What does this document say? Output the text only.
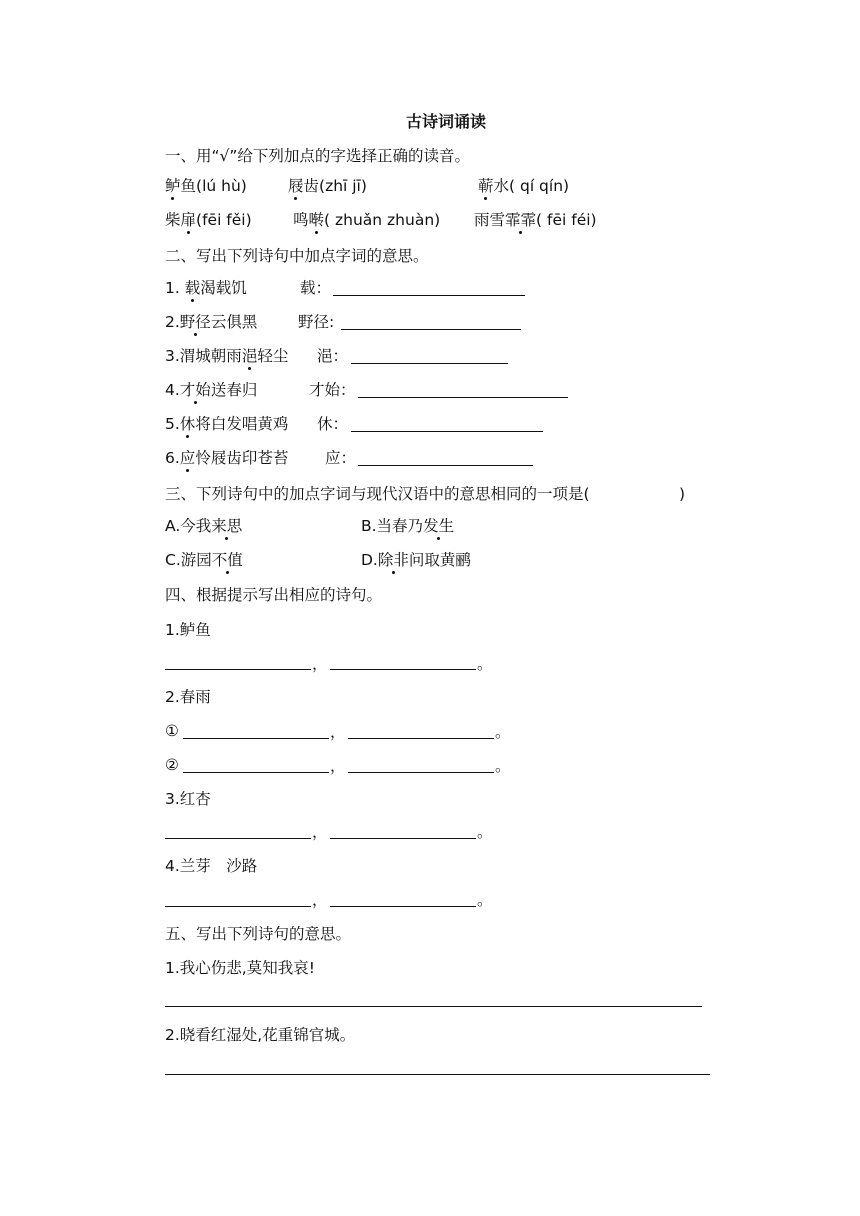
古诗词诵读
一、用“√”给下列加点的字选择正确的读音。
鲈鱼(lú hù)	屐齿(zhī jī)	蕲水( qí qín)
柴扉(fēi fěi)	鸣啭( zhuǎn zhuàn) 雨雪霏霏( fēi féi)
二、写出下列诗句中加点字词的意思。
1. 载渴载饥	载：
2.野径云俱黑	野径:
3.渭城朝雨浥轻尘 浥：
4.才始送春归	才始：
5.休将白发唱黄鸡 休：
6.应怜屐齿印苍苔 应：
三、下列诗句中的加点字词与现代汉语中的意思相同的一项是(	)
A.今我来思	B.当春乃发生
C.游园不值	D.除非问取黄鹂
四、根据提示写出相应的诗句。
1.鲈鱼
，	。
2.春雨
①	，	。
②	，	。
3.红杏
，	。
4.兰芽　沙路
，	。
五、写出下列诗句的意思。
1.我心伤悲,莫知我哀!
2.晓看红湿处,花重锦官城。
